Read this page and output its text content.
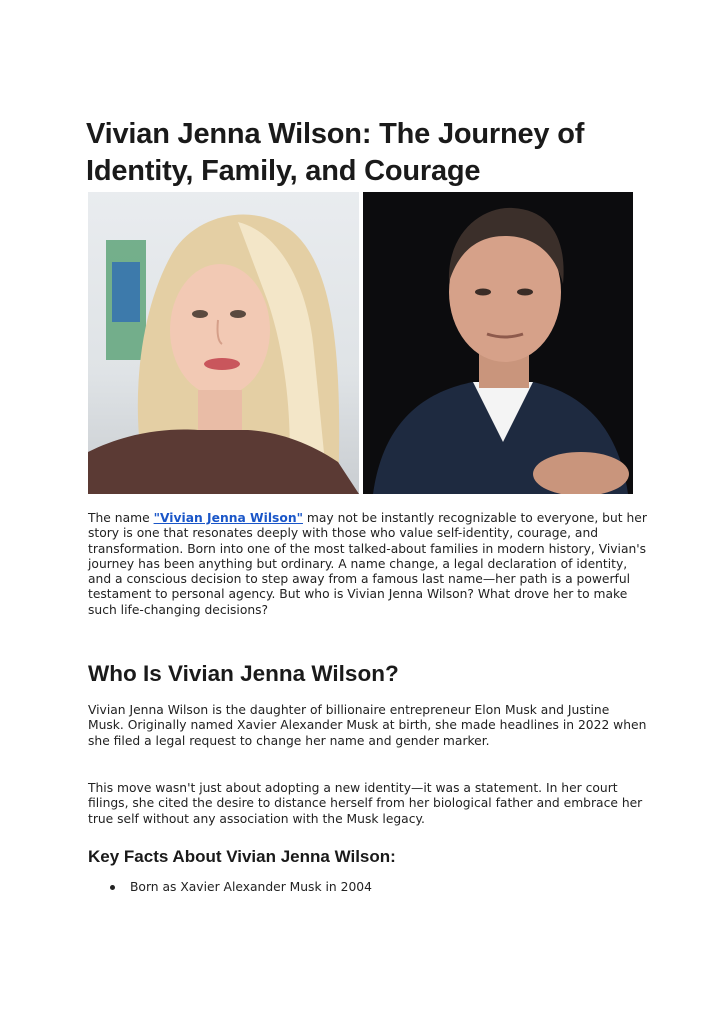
Vivian Jenna Wilson: The Journey of Identity, Family, and Courage

The name "Vivian Jenna Wilson" may not be instantly recognizable to everyone, but her story is one that resonates deeply with those who value self-identity, courage, and transformation. Born into one of the most talked-about families in modern history, Vivian's journey has been anything but ordinary. A name change, a legal declaration of identity, and a conscious decision to step away from a famous last name—her path is a powerful testament to personal agency. But who is Vivian Jenna Wilson? What drove her to make such life-changing decisions?

Who Is Vivian Jenna Wilson?

Vivian Jenna Wilson is the daughter of billionaire entrepreneur Elon Musk and Justine Musk. Originally named Xavier Alexander Musk at birth, she made headlines in 2022 when she filed a legal request to change her name and gender marker.

This move wasn't just about adopting a new identity—it was a statement. In her court filings, she cited the desire to distance herself from her biological father and embrace her true self without any association with the Musk legacy.

Key Facts About Vivian Jenna Wilson:
Born as Xavier Alexander Musk in 2004
